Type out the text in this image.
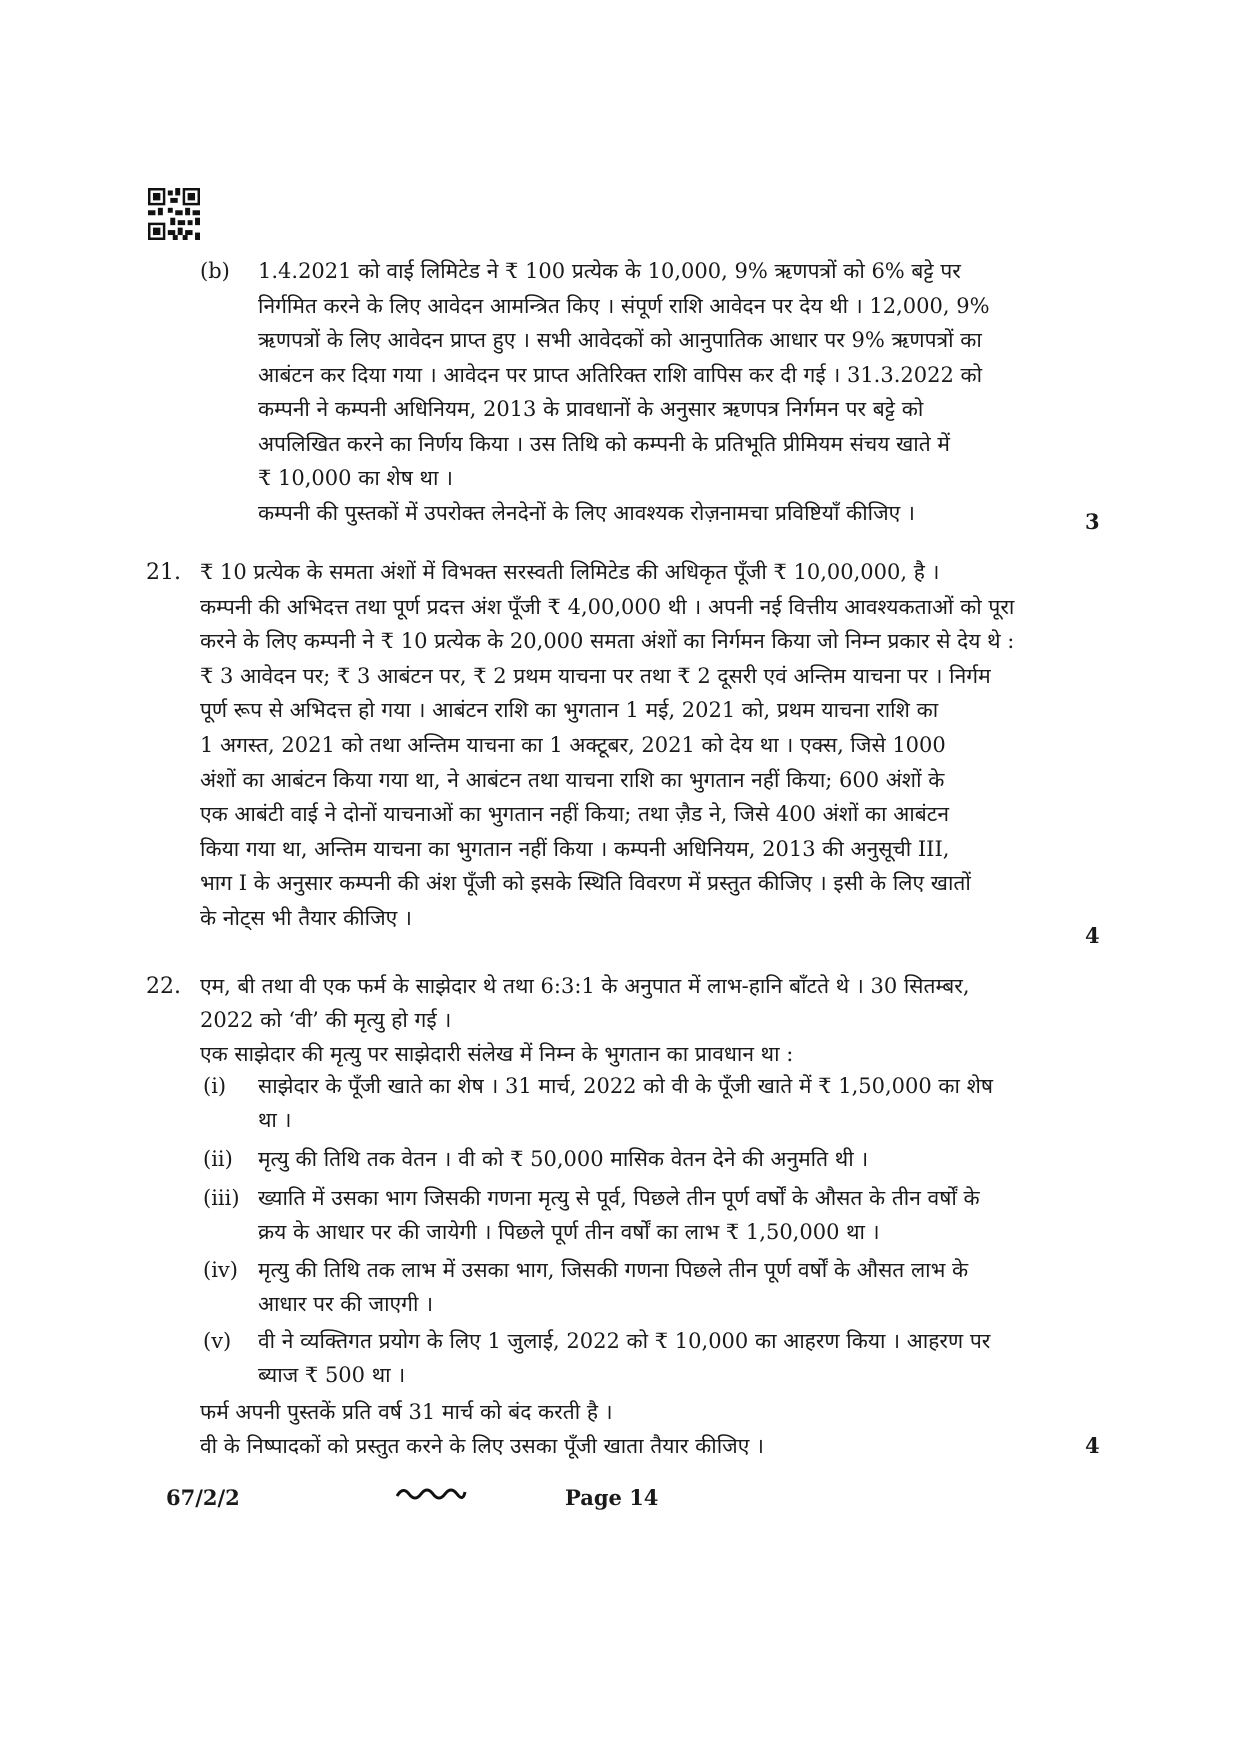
(b)	1.4.2021 को वाई लिमिटेड ने ₹ 100 प्रत्येक के 10,000, 9% ऋणपत्रों को 6% बट्टे पर

निर्गमित करने के लिए आवेदन आमन्त्रित किए । संपूर्ण राशि आवेदन पर देय थी । 12,000, 9%

ऋणपत्रों के लिए आवेदन प्राप्त हुए । सभी आवेदकों को आनुपातिक आधार पर 9% ऋणपत्रों का

आबंटन कर दिया गया । आवेदन पर प्राप्त अतिरिक्त राशि वापिस कर दी गई । 31.3.2022 को

कम्पनी ने कम्पनी अधिनियम, 2013 के प्रावधानों के अनुसार ऋणपत्र निर्गमन पर बट्टे को

अपलिखित करने का निर्णय किया । उस तिथि को कम्पनी के प्रतिभूति प्रीमियम संचय खाते में

₹ 10,000 का शेष था ।

कम्पनी की पुस्तकों में उपरोक्त लेनदेनों के लिए आवश्यक रोज़नामचा प्रविष्टियाँ कीजिए ।	3
21. ₹ 10 प्रत्येक के समता अंशों में विभक्त सरस्वती लिमिटेड की अधिकृत पूँजी ₹ 10,00,000, है ।

कम्पनी की अभिदत्त तथा पूर्ण प्रदत्त अंश पूँजी ₹ 4,00,000 थी । अपनी नई वित्तीय आवश्यकताओं को पूरा

करने के लिए कम्पनी ने ₹ 10 प्रत्येक के 20,000 समता अंशों का निर्गमन किया जो निम्न प्रकार से देय थे :

₹ 3 आवेदन पर; ₹ 3 आबंटन पर, ₹ 2 प्रथम याचना पर तथा ₹ 2 दूसरी एवं अन्तिम याचना पर । निर्गम

पूर्ण रूप से अभिदत्त हो गया । आबंटन राशि का भुगतान 1 मई, 2021 को, प्रथम याचना राशि का

1 अगस्त, 2021 को तथा अन्तिम याचना का 1 अक्टूबर, 2021 को देय था । एक्स, जिसे 1000

अंशों का आबंटन किया गया था, ने आबंटन तथा याचना राशि का भुगतान नहीं किया; 600 अंशों के

एक आबंटी वाई ने दोनों याचनाओं का भुगतान नहीं किया; तथा ज़ैड ने, जिसे 400 अंशों का आबंटन

किया गया था, अन्तिम याचना का भुगतान नहीं किया । कम्पनी अधिनियम, 2013 की अनुसूची III,

भाग I के अनुसार कम्पनी की अंश पूँजी को इसके स्थिति विवरण में प्रस्तुत कीजिए । इसी के लिए खातों

के नोट्स भी तैयार कीजिए ।

4
22. एम, बी तथा वी एक फर्म के साझेदार थे तथा 6:3:1 के अनुपात में लाभ-हानि बाँटते थे । 30 सितम्बर,

2022 को ‘वी’ की मृत्यु हो गई ।

एक साझेदार की मृत्यु पर साझेदारी संलेख में निम्न के भुगतान का प्रावधान था :

(i)	साझेदार के पूँजी खाते का शेष । 31 मार्च, 2022 को वी के पूँजी खाते में ₹ 1,50,000 का शेष

था ।

(ii)	मृत्यु की तिथि तक वेतन । वी को ₹ 50,000 मासिक वेतन देने की अनुमति थी ।

(iii) ख्याति में उसका भाग जिसकी गणना मृत्यु से पूर्व, पिछले तीन पूर्ण वर्षों के औसत के तीन वर्षों के

क्रय के आधार पर की जायेगी । पिछले पूर्ण तीन वर्षों का लाभ ₹ 1,50,000 था ।

(iv) मृत्यु की तिथि तक लाभ में उसका भाग, जिसकी गणना पिछले तीन पूर्ण वर्षों के औसत लाभ के

आधार पर की जाएगी ।

(v)	वी ने व्यक्तिगत प्रयोग के लिए 1 जुलाई, 2022 को ₹ 10,000 का आहरण किया । आहरण पर

ब्याज ₹ 500 था ।

फर्म अपनी पुस्तकें प्रति वर्ष 31 मार्च को बंद करती है ।

वी के निष्पादकों को प्रस्तुत करने के लिए उसका पूँजी खाता तैयार कीजिए ।	4
67/2/2	Page 14
